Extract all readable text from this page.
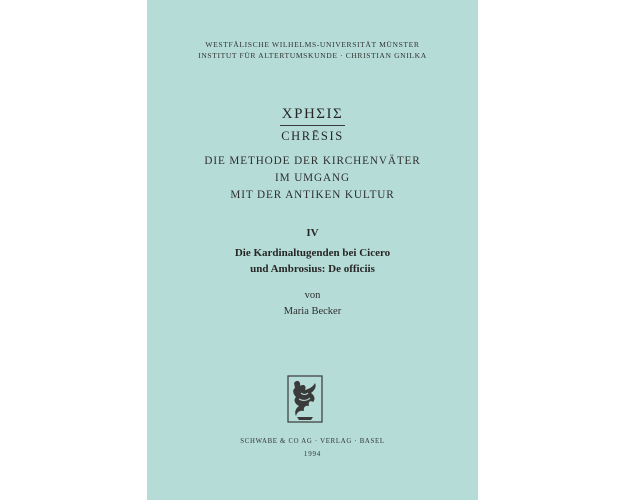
WESTFÄLISCHE WILHELMS-UNIVERSITÄT MÜNSTER
INSTITUT FÜR ALTERTUMSKUNDE · CHRISTIAN GNILKA
ΧΡΗΣΙΣ
CHRĒSIS
DIE METHODE DER KIRCHENVÄTER
IM UMGANG
MIT DER ANTIKEN KULTUR
IV
Die Kardinaltugenden bei Cicero
und Ambrosius: De officiis
von
Maria Becker
SCHWABE & CO AG · VERLAG · BASEL
1994
